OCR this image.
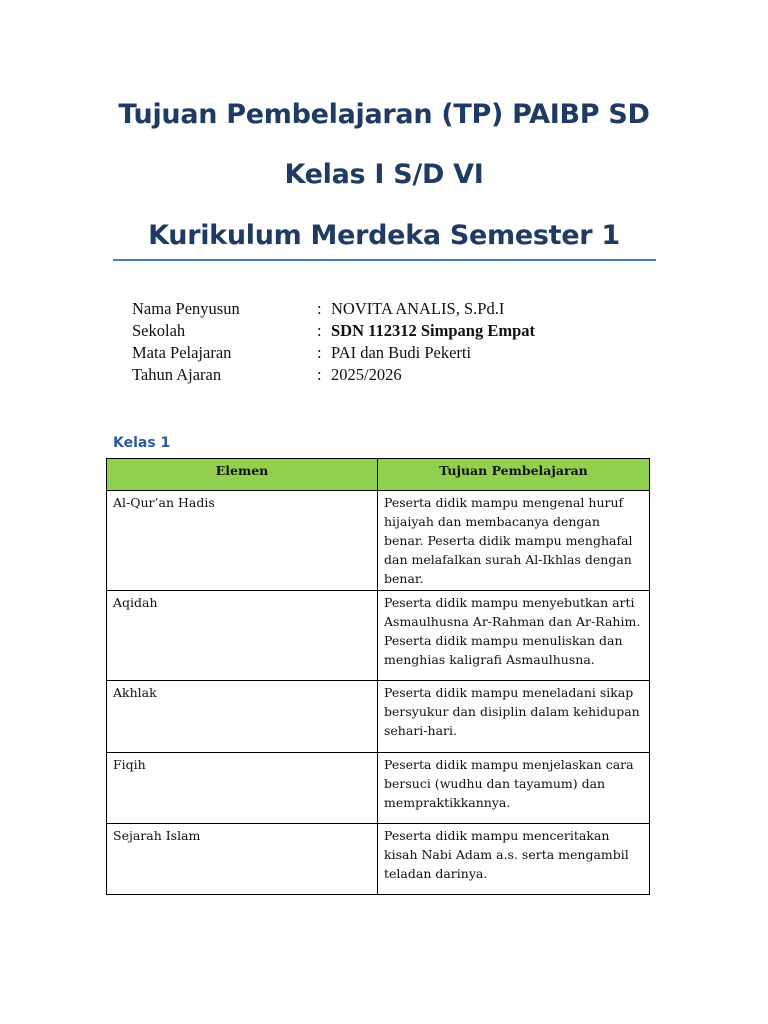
Tujuan Pembelajaran (TP) PAIBP SD
Kelas I S/D VI
Kurikulum Merdeka Semester 1
Nama Penyusun	: NOVITA ANALIS, S.Pd.I
Sekolah	: SDN 112312 Simpang Empat
Mata Pelajaran	: PAI dan Budi Pekerti
Tahun Ajaran	: 2025/2026
Kelas 1
Elemen	Tujuan Pembelajaran
Al-Qur’an Hadis	Peserta didik mampu mengenal huruf hijaiyah dan membacanya dengan benar. Peserta didik mampu menghafal dan melafalkan surah Al-Ikhlas dengan benar.
Aqidah	Peserta didik mampu menyebutkan arti Asmaulhusna Ar-Rahman dan Ar-Rahim. Peserta didik mampu menuliskan dan menghias kaligrafi Asmaulhusna.
Akhlak	Peserta didik mampu meneladani sikap bersyukur dan disiplin dalam kehidupan sehari-hari.
Fiqih	Peserta didik mampu menjelaskan cara bersuci (wudhu dan tayamum) dan mempraktikkannya.
Sejarah Islam	Peserta didik mampu menceritakan kisah Nabi Adam a.s. serta mengambil teladan darinya.
